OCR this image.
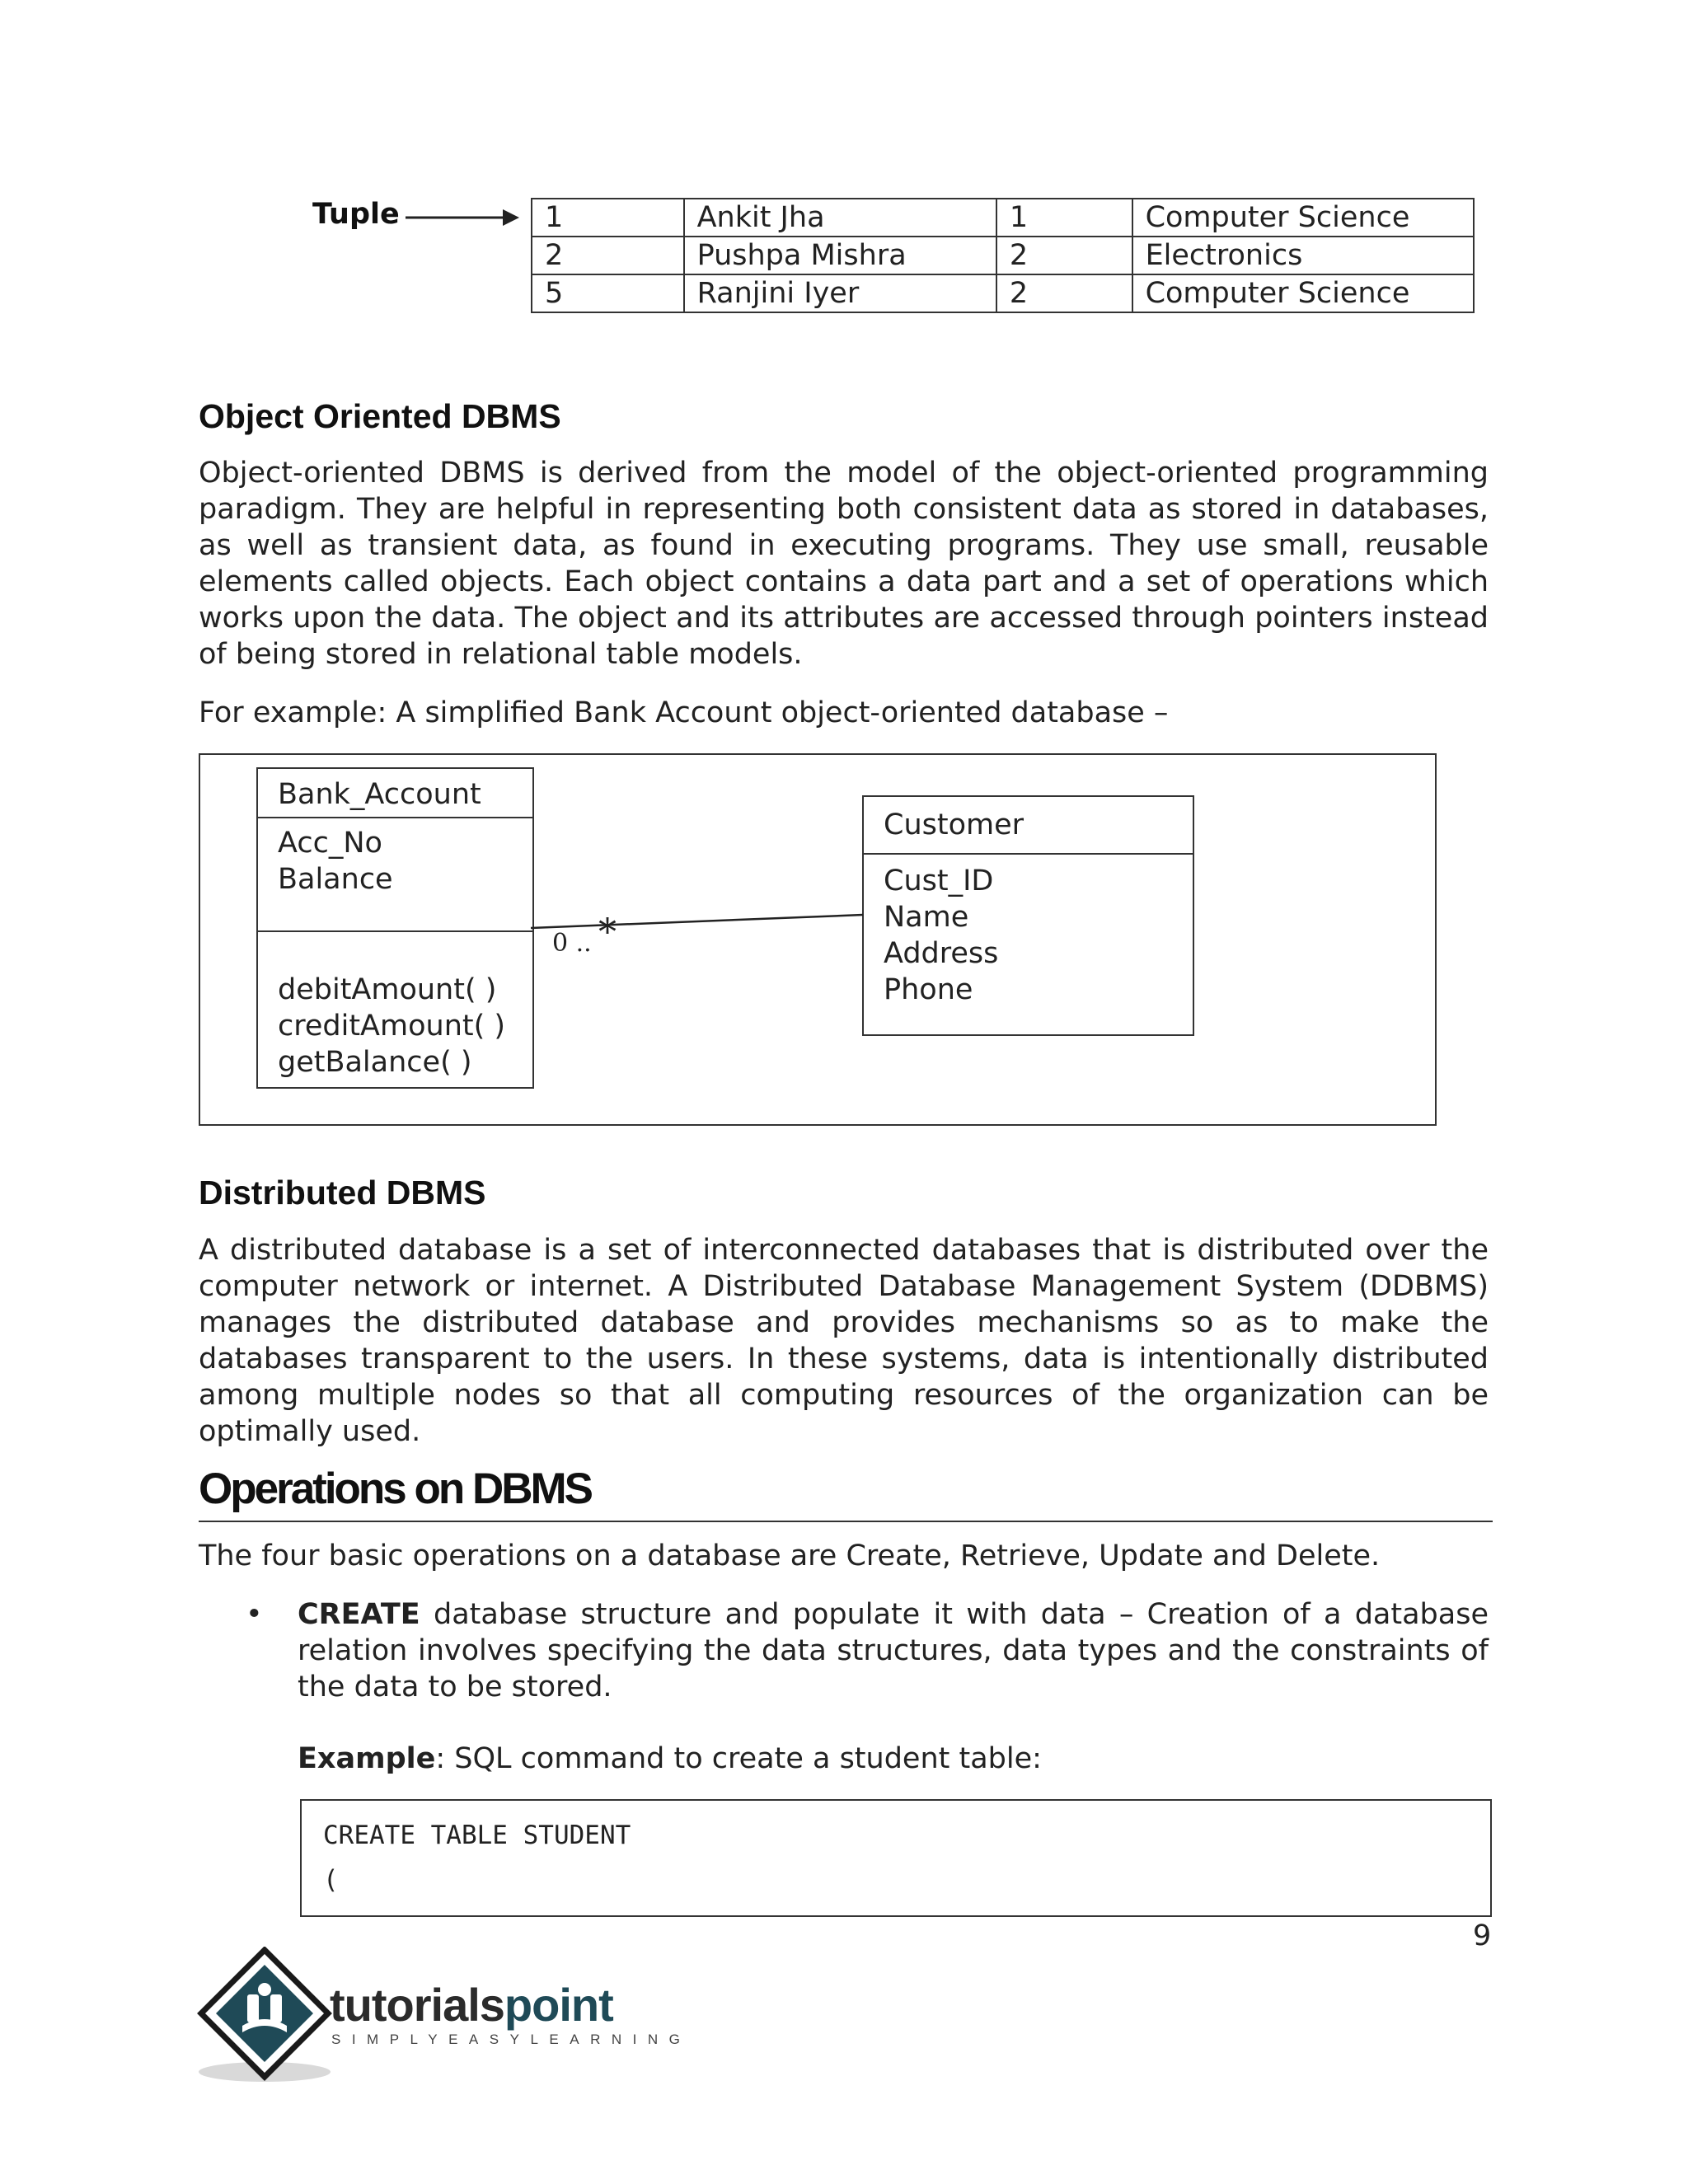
Tuple	1	Ankit Jha	1	Computer Science
2	Pushpa Mishra	2	Electronics
5	Ranjini Iyer	2	Computer Science
Object Oriented DBMS
Object-oriented DBMS is derived from the model of the object-oriented programming paradigm. They are helpful in representing both consistent data as stored in databases, as well as transient data, as found in executing programs. They use small, reusable elements called objects. Each object contains a data part and a set of operations which works upon the data. The object and its attributes are accessed through pointers instead of being stored in relational table models.
For example: A simplified Bank Account object-oriented database –
Bank_Account
Acc_No
Balance
debitAmount( )
creditAmount( )
getBalance( )
Customer
Cust_ID
Name
Address
Phone
0 .. *
Distributed DBMS
A distributed database is a set of interconnected databases that is distributed over the computer network or internet. A Distributed Database Management System (DDBMS) manages the distributed database and provides mechanisms so as to make the databases transparent to the users. In these systems, data is intentionally distributed among multiple nodes so that all computing resources of the organization can be optimally used.
Operations on DBMS
The four basic operations on a database are Create, Retrieve, Update and Delete.
• CREATE database structure and populate it with data – Creation of a database relation involves specifying the data structures, data types and the constraints of the data to be stored.
Example: SQL command to create a student table:
CREATE TABLE STUDENT
(
9
tutorialspoint
SIMPLYEASYLEARNING
